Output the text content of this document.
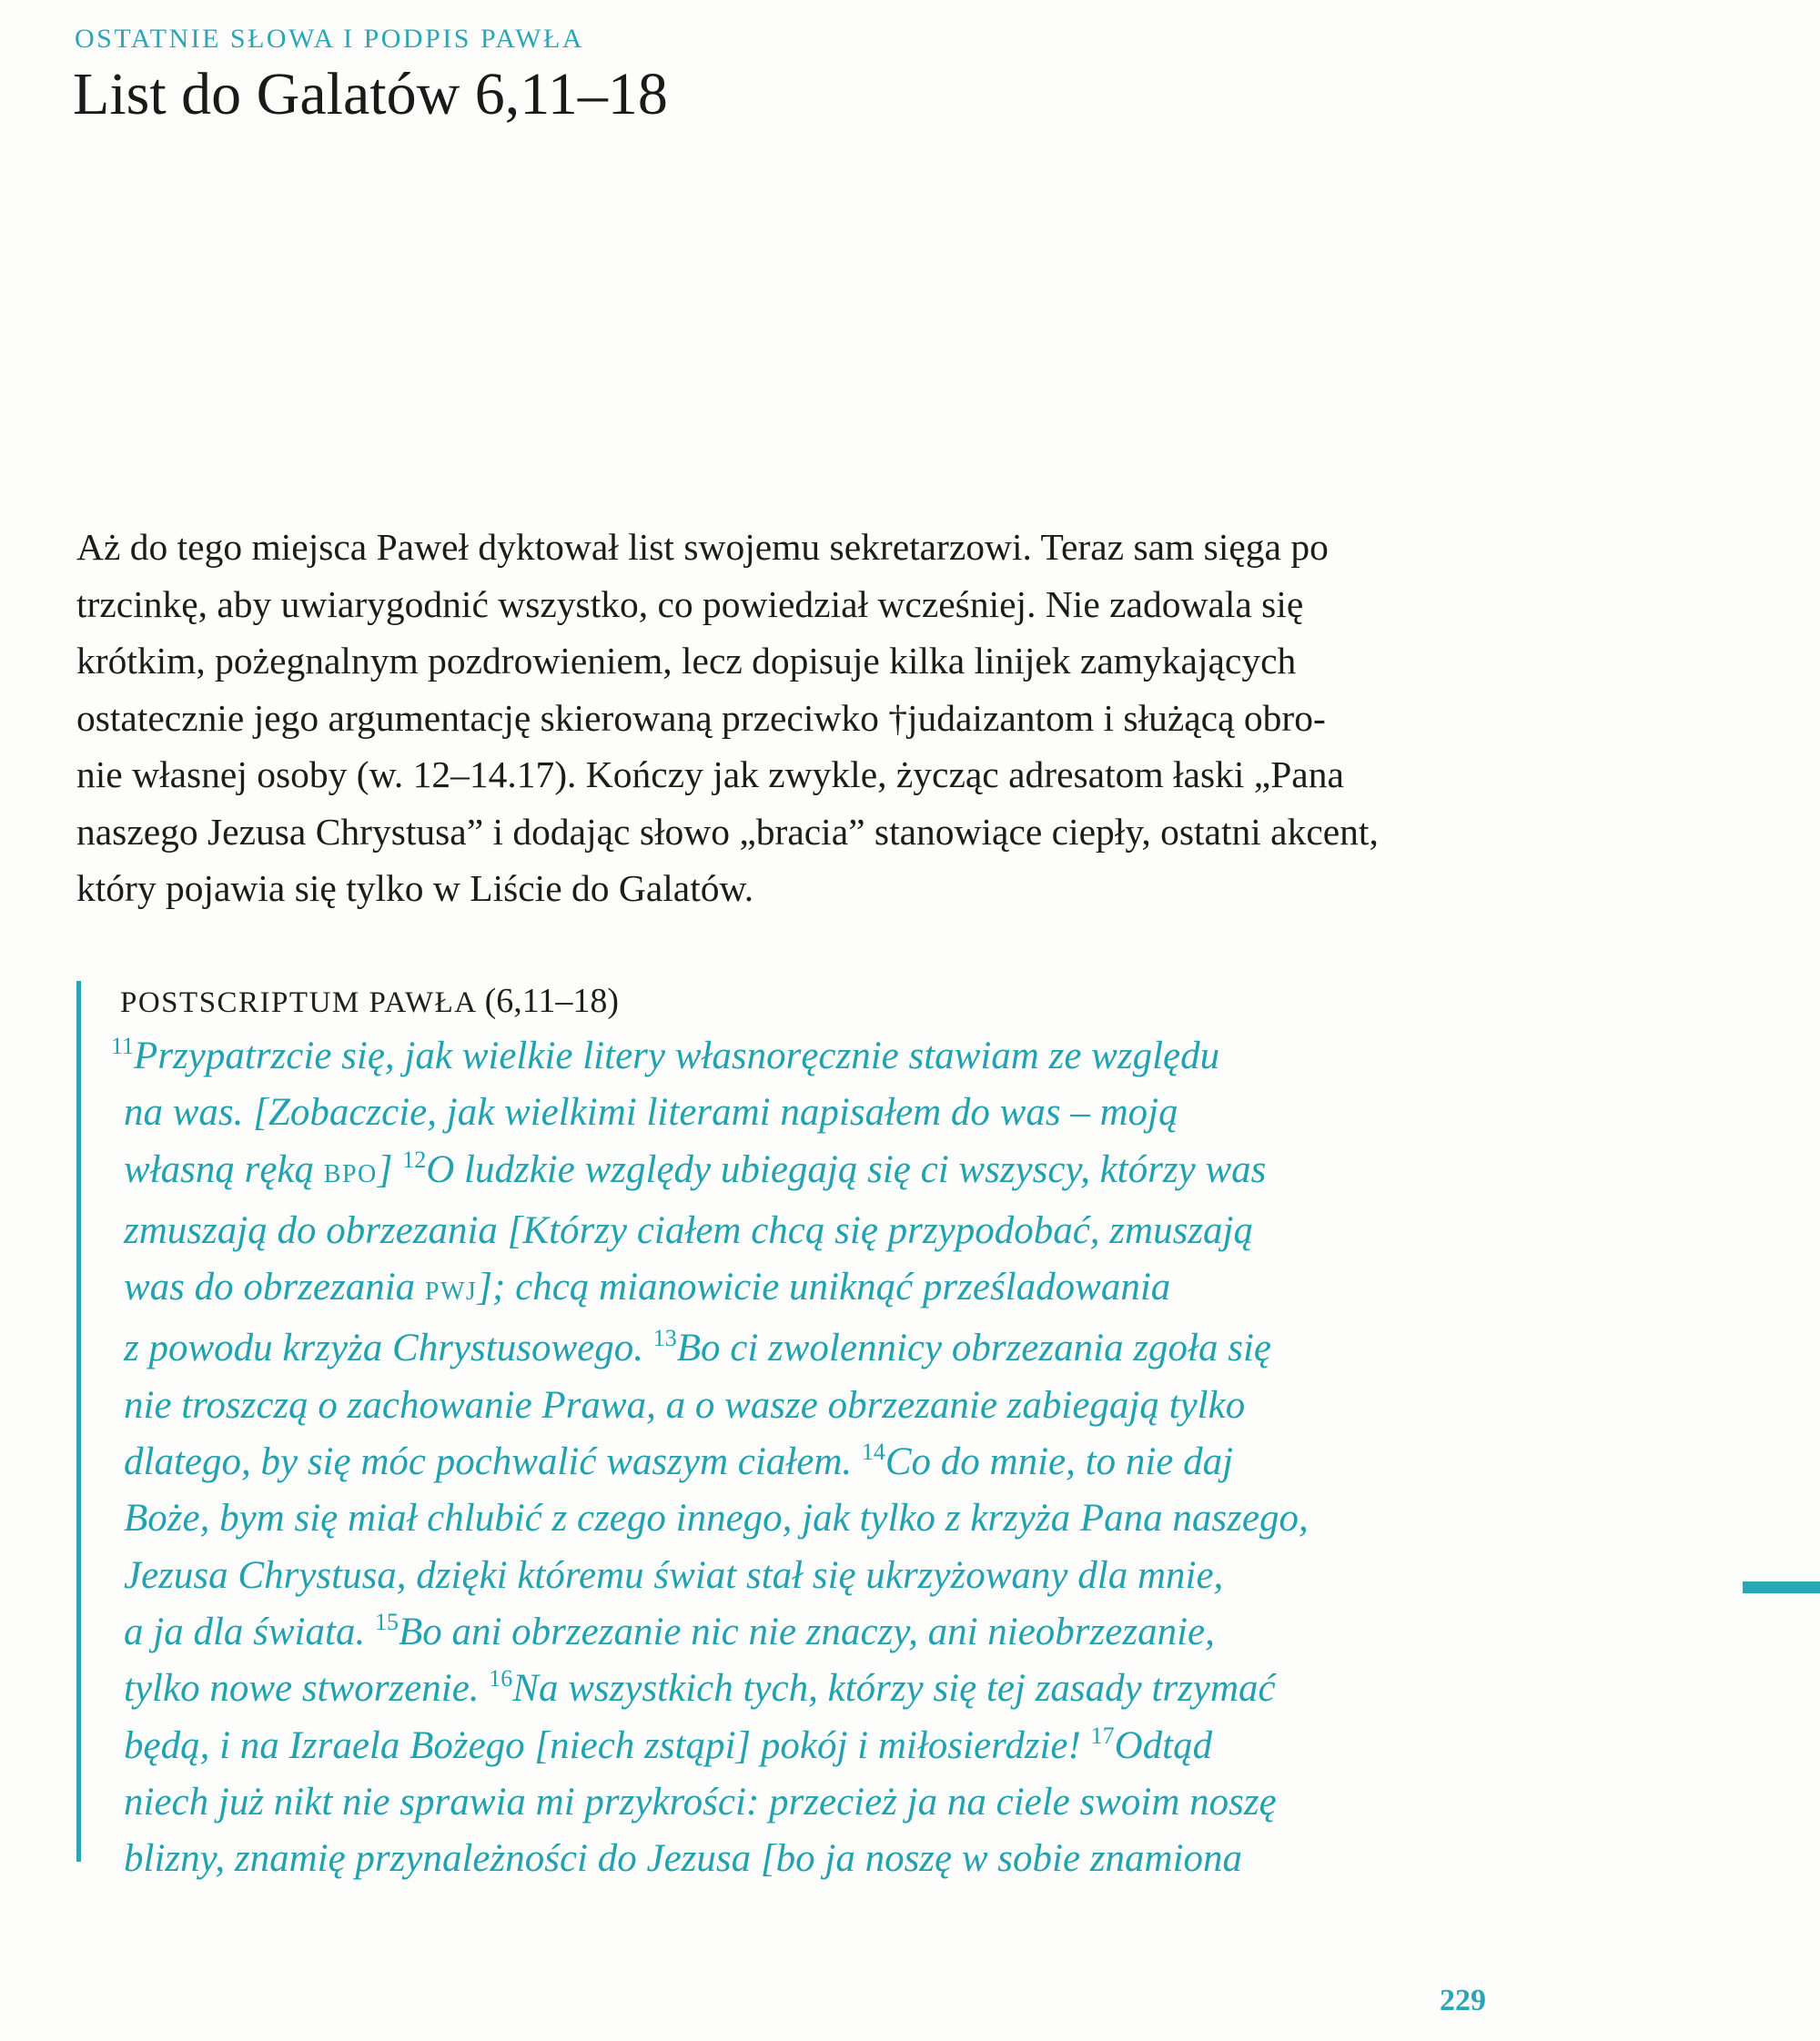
OSTATNIE SŁOWA I PODPIS PAWŁA
List do Galatów 6,11–18
Aż do tego miejsca Paweł dyktował list swojemu sekretarzowi. Teraz sam sięga po
trzcinkę, aby uwiarygodnić wszystko, co powiedział wcześniej. Nie zadowala się
krótkim, pożegnalnym pozdrowieniem, lecz dopisuje kilka linijek zamykających
ostatecznie jego argumentację skierowaną przeciwko †judaizantom i służącą obro-
nie własnej osoby (w. 12–14.17). Kończy jak zwykle, życząc adresatom łaski „Pana
naszego Jezusa Chrystusa” i dodając słowo „bracia” stanowiące ciepły, ostatni akcent,
który pojawia się tylko w Liście do Galatów.
POSTSCRIPTUM PAWŁA (6,11–18)
$^{11}$Przypatrzcie się, jak wielkie litery własnoręcznie stawiam ze względu
na was. [Zobaczcie, jak wielkimi literami napisałem do was – moją
własną ręką BPO] $^{12}$O ludzkie względy ubiegają się ci wszyscy, którzy was
zmuszają do obrzezania [Którzy ciałem chcą się przypodobać, zmuszają
was do obrzezania PWJ]; chcą mianowicie uniknąć prześladowania
z powodu krzyża Chrystusowego. $^{13}$Bo ci zwolennicy obrzezania zgoła się
nie troszczą o zachowanie Prawa, a o wasze obrzezanie zabiegają tylko
dlatego, by się móc pochwalić waszym ciałem. $^{14}$Co do mnie, to nie daj
Boże, bym się miał chlubić z czego innego, jak tylko z krzyża Pana naszego,
Jezusa Chrystusa, dzięki któremu świat stał się ukrzyżowany dla mnie,
a ja dla świata. $^{15}$Bo ani obrzezanie nic nie znaczy, ani nieobrzezanie,
tylko nowe stworzenie. $^{16}$Na wszystkich tych, którzy się tej zasady trzymać
będą, i na Izraela Bożego [niech zstąpi] pokój i miłosierdzie! $^{17}$Odtąd
niech już nikt nie sprawia mi przykrości: przecież ja na ciele swoim noszę
blizny, znamię przynależności do Jezusa [bo ja noszę w sobie znamiona
229
